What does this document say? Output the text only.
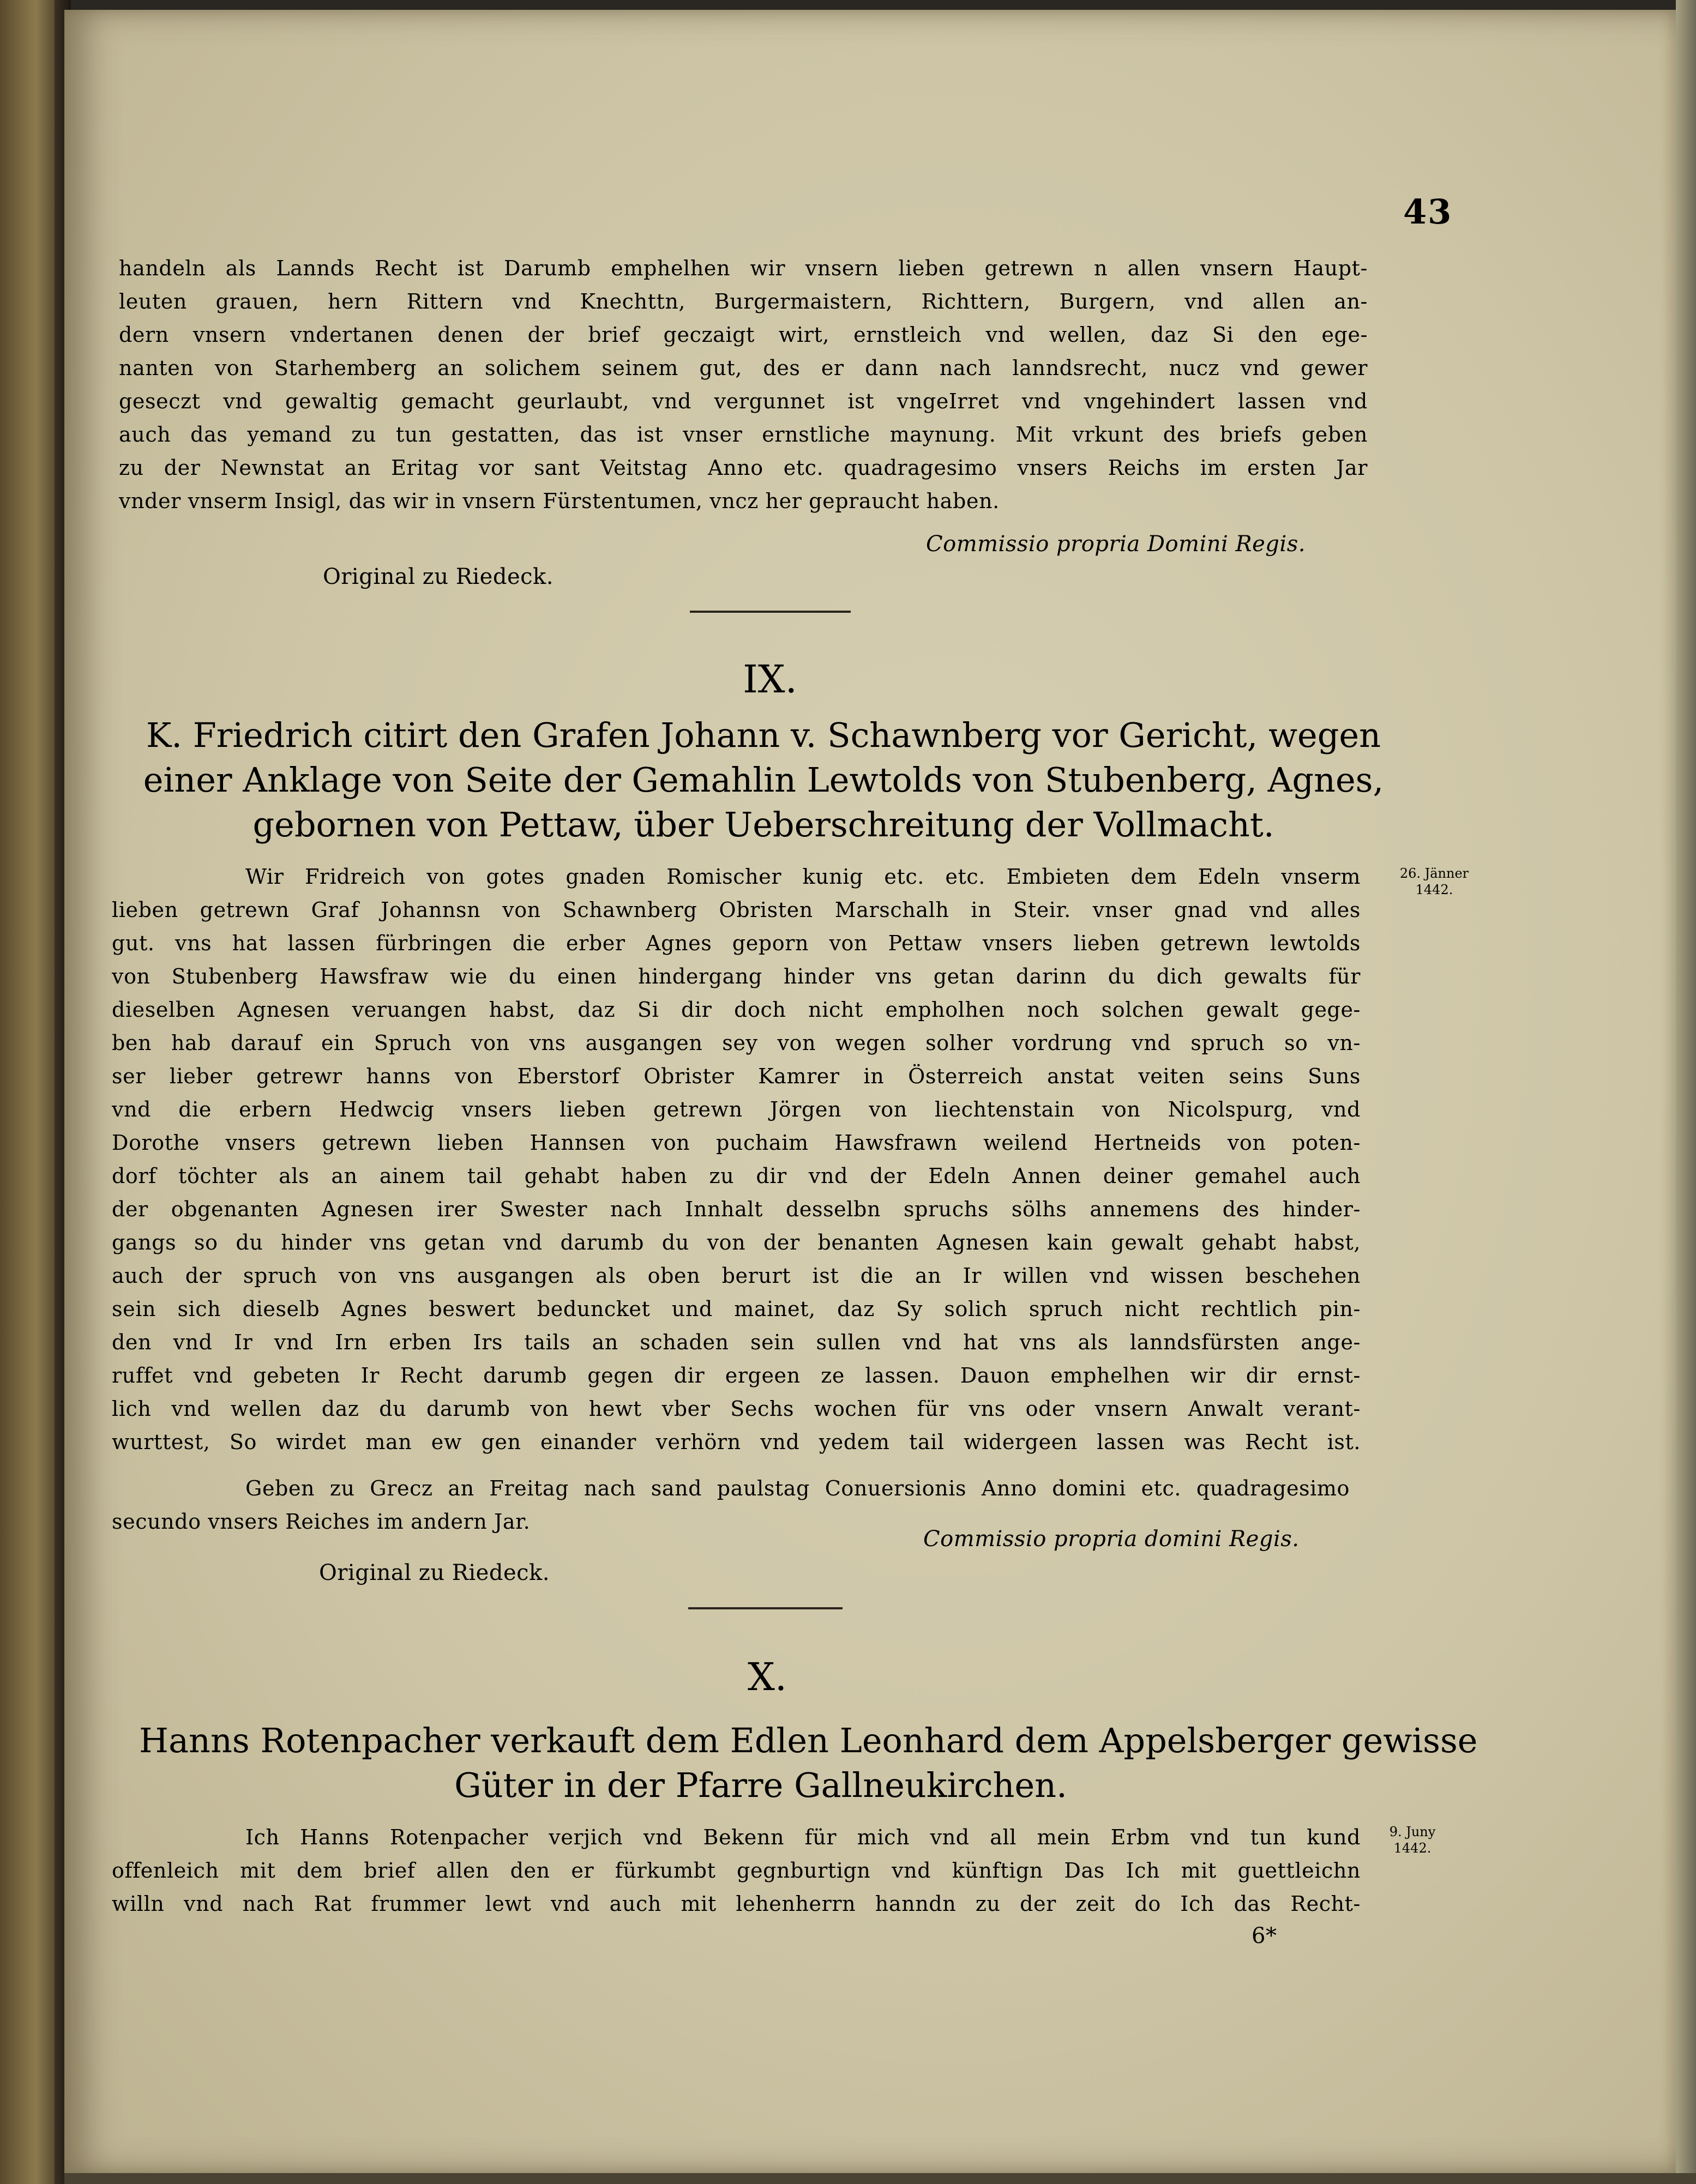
43
handeln als Lannds Recht ist Darumb emphelhen wir vnsern lieben getrewn n allen vnsern Haupt-
leuten grauen, hern Rittern vnd Knechttn, Burgermaistern, Richttern, Burgern, vnd allen an-
dern vnsern vndertanen denen der brief geczaigt wirt, ernstleich vnd wellen, daz Si den ege-
nanten von Starhemberg an solichem seinem gut, des er dann nach lanndsrecht, nucz vnd gewer
geseczt vnd gewaltig gemacht geurlaubt, vnd vergunnet ist vngeIrret vnd vngehindert lassen vnd
auch das yemand zu tun gestatten, das ist vnser ernstliche maynung. Mit vrkunt des briefs geben
zu der Newnstat an Eritag vor sant Veitstag Anno etc. quadragesimo vnsers Reichs im ersten Jar
vnder vnserm Insigl, das wir in vnsern Fürstentumen, vncz her gepraucht haben.
Commissio propria Domini Regis.
Original zu Riedeck.
IX.
K. Friedrich citirt den Grafen Johann v. Schawnberg vor Gericht, wegen
einer Anklage von Seite der Gemahlin Lewtolds von Stubenberg, Agnes,
gebornen von Pettaw, über Ueberschreitung der Vollmacht.
26. Jänner
1442.
Wir Fridreich von gotes gnaden Romischer kunig etc. etc. Embieten dem Edeln vnserm
lieben getrewn Graf Johannsn von Schawnberg Obristen Marschalh in Steir. vnser gnad vnd alles
gut. vns hat lassen fürbringen die erber Agnes geporn von Pettaw vnsers lieben getrewn lewtolds
von Stubenberg Hawsfraw wie du einen hindergang hinder vns getan darinn du dich gewalts für
dieselben Agnesen veruangen habst, daz Si dir doch nicht empholhen noch solchen gewalt gege-
ben hab darauf ein Spruch von vns ausgangen sey von wegen solher vordrung vnd spruch so vn-
ser lieber getrewr hanns von Eberstorf Obrister Kamrer in Österreich anstat veiten seins Suns
vnd die erbern Hedwcig vnsers lieben getrewn Jörgen von liechtenstain von Nicolspurg, vnd
Dorothe vnsers getrewn lieben Hannsen von puchaim Hawsfrawn weilend Hertneids von poten-
dorf töchter als an ainem tail gehabt haben zu dir vnd der Edeln Annen deiner gemahel auch
der obgenanten Agnesen irer Swester nach Innhalt desselbn spruchs sölhs annemens des hinder-
gangs so du hinder vns getan vnd darumb du von der benanten Agnesen kain gewalt gehabt habst,
auch der spruch von vns ausgangen als oben berurt ist die an Ir willen vnd wissen beschehen
sein sich dieselb Agnes beswert beduncket und mainet, daz Sy solich spruch nicht rechtlich pin-
den vnd Ir vnd Irn erben Irs tails an schaden sein sullen vnd hat vns als lanndsfürsten ange-
ruffet vnd gebeten Ir Recht darumb gegen dir ergeen ze lassen. Dauon emphelhen wir dir ernst-
lich vnd wellen daz du darumb von hewt vber Sechs wochen für vns oder vnsern Anwalt verant-
wurttest, So wirdet man ew gen einander verhörn vnd yedem tail widergeen lassen was Recht ist.
Geben zu Grecz an Freitag nach sand paulstag Conuersionis Anno domini etc. quadragesimo
secundo vnsers Reiches im andern Jar.
Commissio propria domini Regis.
Original zu Riedeck.
X.
Hanns Rotenpacher verkauft dem Edlen Leonhard dem Appelsberger gewisse
Güter in der Pfarre Gallneukirchen.
9. Juny
1442.
Ich Hanns Rotenpacher verjich vnd Bekenn für mich vnd all mein Erbm vnd tun kund
offenleich mit dem brief allen den er fürkumbt gegnburtign vnd künftign Das Ich mit guettleichn
willn vnd nach Rat frummer lewt vnd auch mit lehenherrn hanndn zu der zeit do Ich das Recht-
6*
